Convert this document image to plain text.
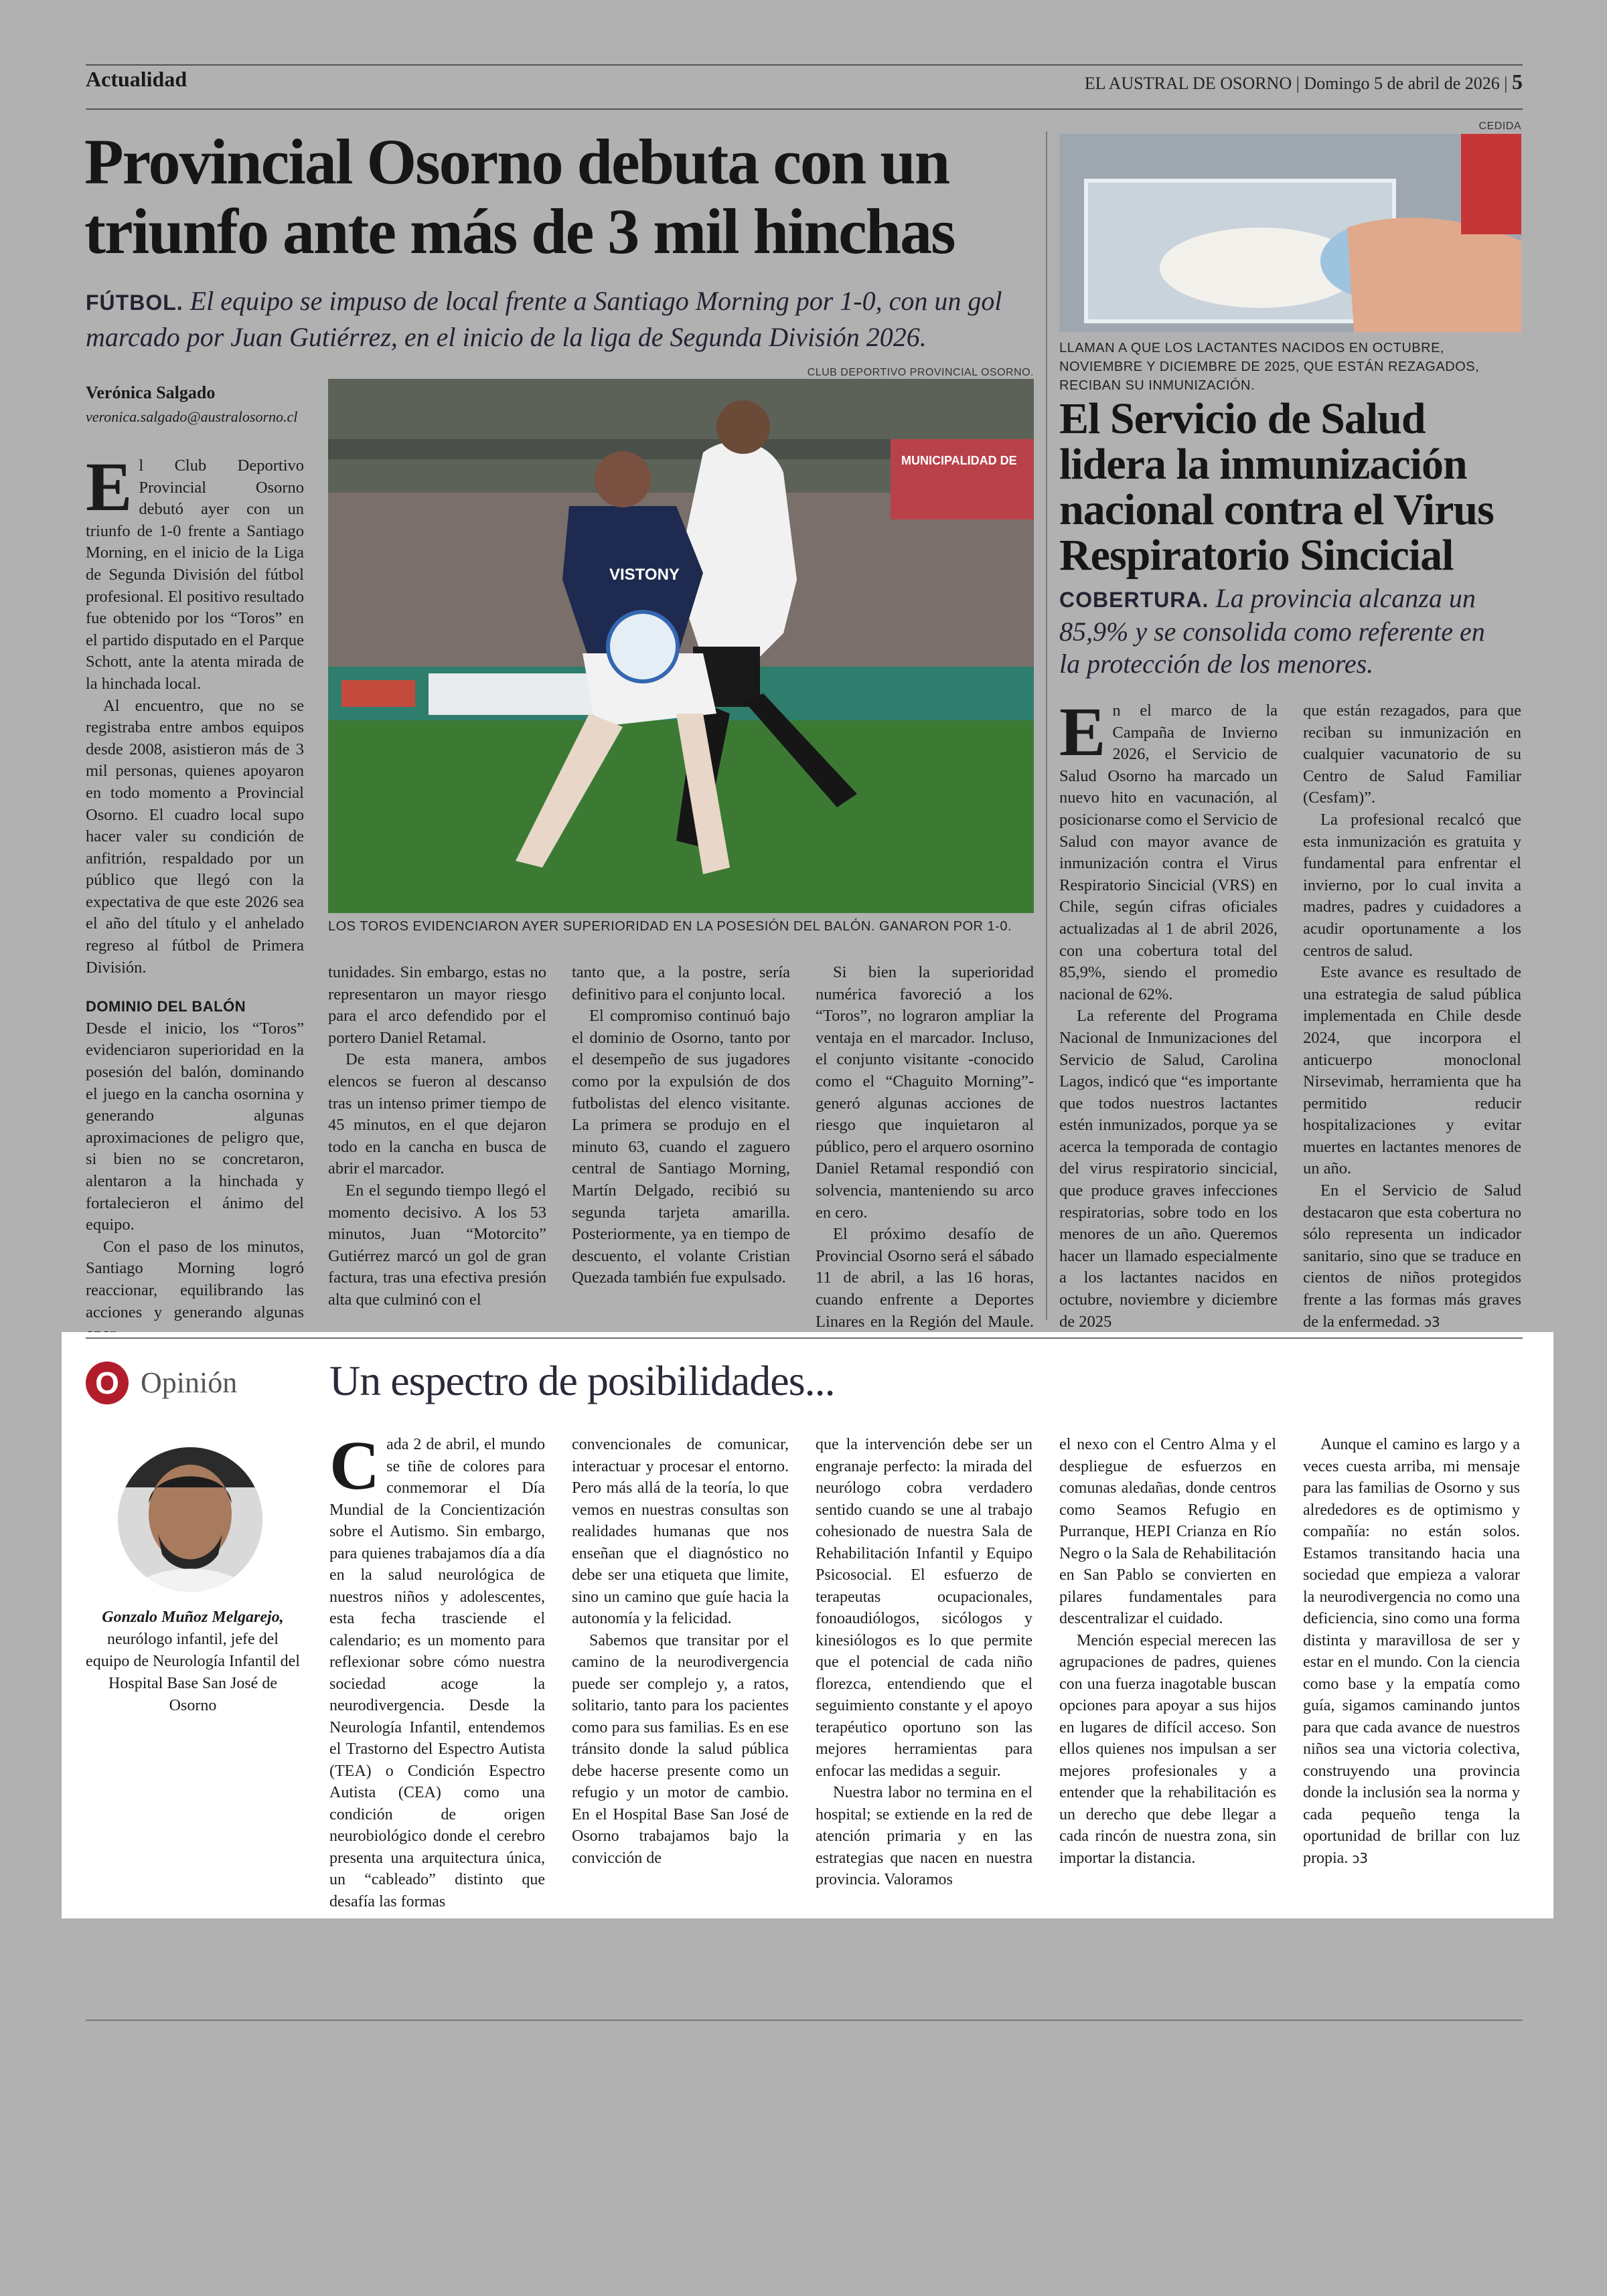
Actualidad	EL AUSTRAL DE OSORNO | Domingo 5 de abril de 2026 | 5
Provincial Osorno debuta con un triunfo ante más de 3 mil hinchas
FÚTBOL. El equipo se impuso de local frente a Santiago Morning por 1-0, con un gol marcado por Juan Gutiérrez, en el inicio de la liga de Segunda División 2026.
Verónica Salgado
veronica.salgado@australosorno.cl
CLUB DEPORTIVO PROVINCIAL OSORNO.
MUNICIPALIDAD DE
VISTONY
LOS TOROS EVIDENCIARON AYER SUPERIORIDAD EN LA POSESIÓN DEL BALÓN. GANARON POR 1-0.

El Club Deportivo Provincial Osorno debutó ayer con un triunfo de 1-0 frente a Santiago Morning, en el inicio de la Liga de Segunda División del fútbol profesional. El positivo resultado fue obtenido por los “Toros” en el partido disputado en el Parque Schott, ante la atenta mirada de la hinchada local.

Al encuentro, que no se registraba entre ambos equipos desde 2008, asistieron más de 3 mil personas, quienes apoyaron en todo momento a Provincial Osorno. El cuadro local supo hacer valer su condición de anfitrión, respaldado por un público que llegó con la expectativa de que este 2026 sea el año del título y el anhelado regreso al fútbol de Primera División.

DOMINIO DEL BALÓN

Desde el inicio, los “Toros” evidenciaron superioridad en la posesión del balón, dominando el juego en la cancha osornina y generando algunas aproximaciones de peligro que, si bien no se concretaron, alentaron a la hinchada y fortalecieron el ánimo del equipo.

Con el paso de los minutos, Santiago Morning logró reaccionar, equilibrando las acciones y generando algunas

tunidades. Sin embargo, estas no representaron un mayor riesgo para el arco defendido por el portero Daniel Retamal.

De esta manera, ambos elencos se fueron al descanso tras un intenso primer tiempo de 45 minutos, en el que dejaron todo en la cancha en busca de abrir el marcador.

En el segundo tiempo llegó el momento decisivo. A los 53 minutos, Juan “Motorcito” Gutiérrez marcó un gol de gran factura, tras una efectiva presión alta que culminó con el

tanto que, a la postre, sería definitivo para el conjunto local.

El compromiso continuó bajo el dominio de Osorno, tanto por el desempeño de sus jugadores como por la expulsión de dos futbolistas del elenco visitante. La primera se produjo en el minuto 63, cuando el zaguero central de Santiago Morning, Martín Delgado, recibió su segunda tarjeta amarilla. Posteriormente, ya en tiempo de descuento, el volante Cristian Quezada también fue expulsado.

Si bien la superioridad numérica favoreció a los “Toros”, no lograron ampliar la ventaja en el marcador. Incluso, el conjunto visitante -conocido como el “Chaguito Morning”- generó algunas acciones de riesgo que inquietaron al público, pero el arquero osornino Daniel Retamal respondió con solvencia, manteniendo su arco en cero.

El próximo desafío de Provincial Osorno será el sábado 11 de abril, a las 16 horas, cuando enfrente a Deportes Linares en la Región del Maule.

CEDIDA
LLAMAN A QUE LOS LACTANTES NACIDOS EN OCTUBRE, NOVIEMBRE Y DICIEMBRE DE 2025, QUE ESTÁN REZAGADOS, RECIBAN SU INMUNIZACIÓN.
El Servicio de Salud lidera la inmunización nacional contra el Virus Respiratorio Sincicial
COBERTURA. La provincia alcanza un 85,9% y se consolida como referente en la protección de los menores.

En el marco de la Campaña de Invierno 2026, el Servicio de Salud Osorno ha marcado un nuevo hito en vacunación, al posicionarse como el Servicio de Salud con mayor avance de inmunización contra el Virus Respiratorio Sincicial (VRS) en Chile, según cifras oficiales actualizadas al 1 de abril 2026, con una cobertura total del 85,9%, siendo el promedio nacional de 62%.

La referente del Programa Nacional de Inmunizaciones del Servicio de Salud, Carolina Lagos, indicó que “es importante que todos nuestros lactantes estén inmunizados, porque ya se acerca la temporada de contagio del virus respiratorio sincicial, que produce graves infecciones respiratorias, sobre todo en los menores de un año. Queremos hacer un llamado especialmente a los lactantes nacidos en octubre, noviembre y diciembre de 2025

que están rezagados, para que reciban su inmunización en cualquier vacunatorio de su Centro de Salud Familiar (Cesfam)”.

La profesional recalcó que esta inmunización es gratuita y fundamental para enfrentar el invierno, por lo cual invita a madres, padres y cuidadores a acudir oportunamente a los centros de salud.

Este avance es resultado de una estrategia de salud pública implementada en Chile desde 2024, que incorpora el anticuerpo monoclonal Nirsevimab, herramienta que ha permitido reducir hospitalizaciones y evitar muertes en lactantes menores de un año.

En el Servicio de Salud destacaron que esta cobertura no sólo representa un indicador sanitario, sino que se traduce en cientos de niños protegidos frente a las formas más graves de la enfermedad. ↄ3

O Opinión Un espectro de posibilidades...
Gonzalo Muñoz Melgarejo,
neurólogo infantil, jefe del equipo de Neurología Infantil del Hospital Base San José de Osorno

Cada 2 de abril, el mundo se tiñe de colores para conmemorar el Día Mundial de la Concientización sobre el Autismo. Sin embargo, para quienes trabajamos día a día en la salud neurológica de nuestros niños y adolescentes, esta fecha trasciende el calendario; es un momento para reflexionar sobre cómo nuestra sociedad acoge la neurodivergencia. Desde la Neurología Infantil, entendemos el Trastorno del Espectro Autista (TEA) o Condición Espectro Autista (CEA) como una condición de origen neurobiológico donde el cerebro presenta una arquitectura única, un “cableado” distinto que desafía las formas

convencionales de comunicar, interactuar y procesar el entorno. Pero más allá de la teoría, lo que vemos en nuestras consultas son realidades humanas que nos enseñan que el diagnóstico no debe ser una etiqueta que limite, sino un camino que guíe hacia la autonomía y la felicidad.

Sabemos que transitar por el camino de la neurodivergencia puede ser complejo y, a ratos, solitario, tanto para los pacientes como para sus familias. Es en ese tránsito donde la salud pública debe hacerse presente como un refugio y un motor de cambio. En el Hospital Base San José de Osorno trabajamos bajo la convicción de

que la intervención debe ser un engranaje perfecto: la mirada del neurólogo cobra verdadero sentido cuando se une al trabajo cohesionado de nuestra Sala de Rehabilitación Infantil y Equipo Psicosocial. El esfuerzo de terapeutas ocupacionales, fonoaudiólogos, sicólogos y kinesiólogos es lo que permite que el potencial de cada niño florezca, entendiendo que el seguimiento constante y el apoyo terapéutico oportuno son las mejores herramientas para enfocar las medidas a seguir.

Nuestra labor no termina en el hospital; se extiende en la red de atención primaria y en las estrategias que nacen en nuestra provincia. Valoramos

el nexo con el Centro Alma y el despliegue de esfuerzos en comunas aledañas, donde centros como Seamos Refugio en Purranque, HEPI Crianza en Río Negro o la Sala de Rehabilitación en San Pablo se convierten en pilares fundamentales para descentralizar el cuidado.

Mención especial merecen las agrupaciones de padres, quienes con una fuerza inagotable buscan opciones para apoyar a sus hijos en lugares de difícil acceso. Son ellos quienes nos impulsan a ser mejores profesionales y a entender que la rehabilitación es un derecho que debe llegar a cada rincón de nuestra zona, sin importar la distancia.

Aunque el camino es largo y a veces cuesta arriba, mi mensaje para las familias de Osorno y sus alrededores es de optimismo y compañía: no están solos. Estamos transitando hacia una sociedad que empieza a valorar la neurodivergencia no como una deficiencia, sino como una forma distinta y maravillosa de ser y estar en el mundo. Con la ciencia como base y la empatía como guía, sigamos caminando juntos para que cada avance de nuestros niños sea una victoria colectiva, construyendo una provincia donde la inclusión sea la norma y cada pequeño tenga la oportunidad de brillar con luz propia. ↄ3
